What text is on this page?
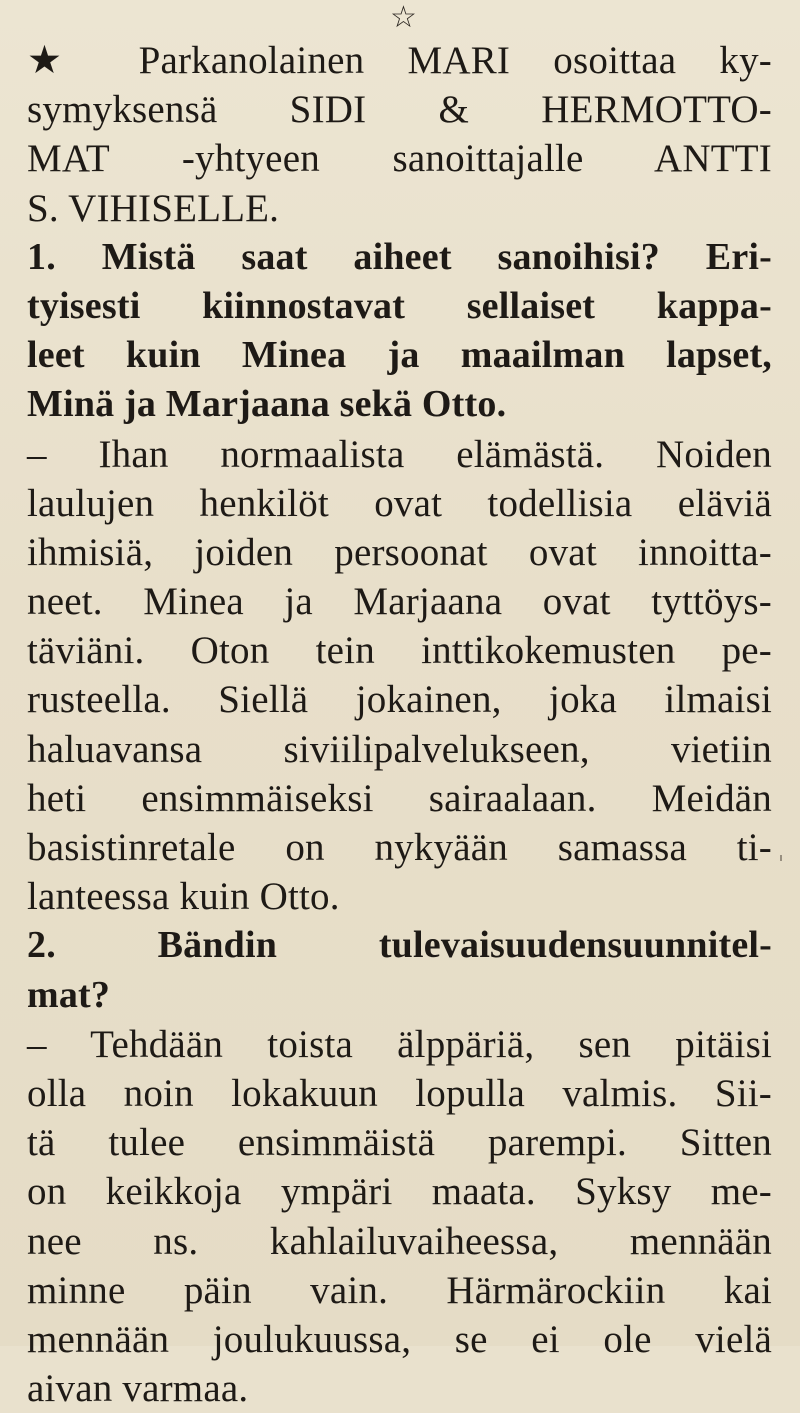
☆
★ Parkanolainen MARI osoittaa ky-
symyksensä SIDI & HERMOTTO-
MAT -yhtyeen sanoittajalle ANTTI
S. VIHISELLE.
1. Mistä saat aiheet sanoihisi? Eri-
tyisesti kiinnostavat sellaiset kappa-
leet kuin Minea ja maailman lapset,
Minä ja Marjaana sekä Otto.
– Ihan normaalista elämästä. Noiden
laulujen henkilöt ovat todellisia eläviä
ihmisiä, joiden persoonat ovat innoitta-
neet. Minea ja Marjaana ovat tyttöys-
täviäni. Oton tein inttikokemusten pe-
rusteella. Siellä jokainen, joka ilmaisi
haluavansa siviilipalvelukseen, vietiin
heti ensimmäiseksi sairaalaan. Meidän
basistinretale on nykyään samassa ti-
lanteessa kuin Otto.
2. Bändin tulevaisuudensuunnitel-
mat?
– Tehdään toista älppäriä, sen pitäisi
olla noin lokakuun lopulla valmis. Sii-
tä tulee ensimmäistä parempi. Sitten
on keikkoja ympäri maata. Syksy me-
nee ns. kahlailuvaiheessa, mennään
minne päin vain. Härmärockiin kai
mennään joulukuussa, se ei ole vielä
aivan varmaa.
